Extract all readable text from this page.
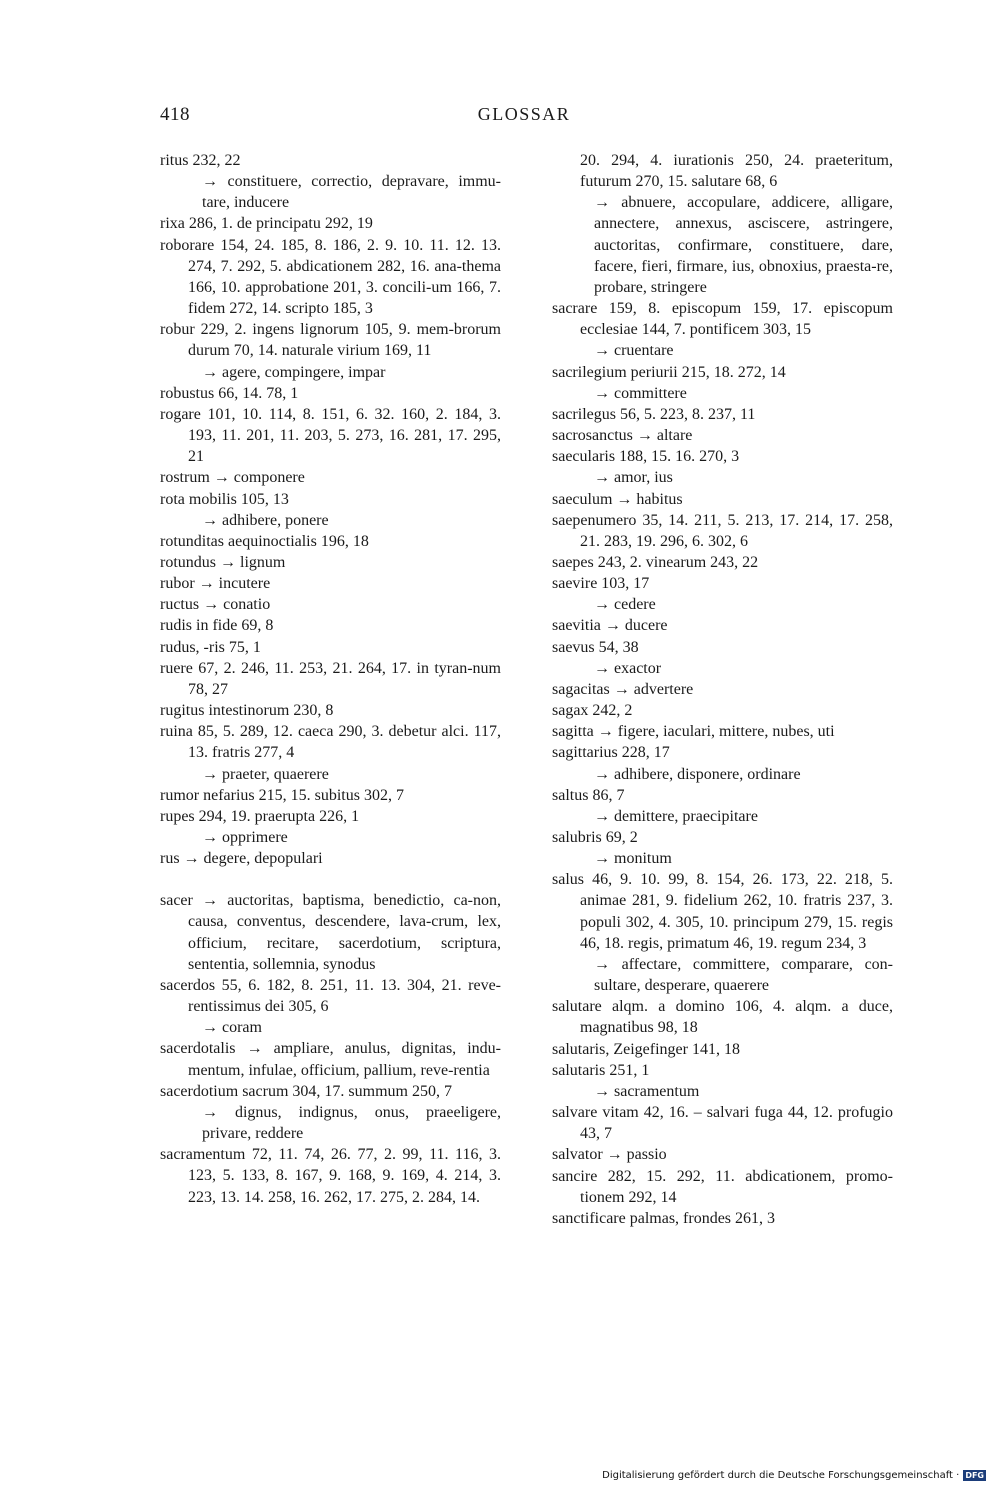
418	GLOSSAR
ritus 232, 22
→ constituere, correctio, depravare, immu-tare, inducere
rixa 286, 1. de principatu 292, 19
roborare 154, 24. 185, 8. 186, 2. 9. 10. 11. 12. 13. 274, 7. 292, 5. abdicationem 282, 16. ana-thema 166, 10. approbatione 201, 3. concili-um 166, 7. fidem 272, 14. scripto 185, 3
robur 229, 2. ingens lignorum 105, 9. mem-brorum durum 70, 14. naturale virium 169, 11
→ agere, compingere, impar
robustus 66, 14. 78, 1
rogare 101, 10. 114, 8. 151, 6. 32. 160, 2. 184, 3. 193, 11. 201, 11. 203, 5. 273, 16. 281, 17. 295, 21
rostrum → componere
rota mobilis 105, 13
→ adhibere, ponere
rotunditas aequinoctialis 196, 18
rotundus → lignum
rubor → incutere
ructus → conatio
rudis in fide 69, 8
rudus, -ris 75, 1
ruere 67, 2. 246, 11. 253, 21. 264, 17. in tyran-num 78, 27
rugitus intestinorum 230, 8
ruina 85, 5. 289, 12. caeca 290, 3. debetur alci. 117, 13. fratris 277, 4
→ praeter, quaerere
rumor nefarius 215, 15. subitus 302, 7
rupes 294, 19. praerupta 226, 1
→ opprimere
rus → degere, depopulari
sacer → auctoritas, baptisma, benedictio, ca-non, causa, conventus, descendere, lava-crum, lex, officium, recitare, sacerdotium, scriptura, sententia, sollemnia, synodus
sacerdos 55, 6. 182, 8. 251, 11. 13. 304, 21. reve-rentissimus dei 305, 6
→ coram
sacerdotalis → ampliare, anulus, dignitas, indu-mentum, infulae, officium, pallium, reve-rentia
sacerdotium sacrum 304, 17. summum 250, 7
→ dignus, indignus, onus, praeeligere, privare, reddere
sacramentum 72, 11. 74, 26. 77, 2. 99, 11. 116, 3. 123, 5. 133, 8. 167, 9. 168, 9. 169, 4. 214, 3. 223, 13. 14. 258, 16. 262, 17. 275, 2. 284, 14.
20. 294, 4. iurationis 250, 24. praeteritum, futurum 270, 15. salutare 68, 6
→ abnuere, accopulare, addicere, alligare, annectere, annexus, asciscere, astringere, auctoritas, confirmare, constituere, dare, facere, fieri, firmare, ius, obnoxius, praesta-re, probare, stringere
sacrare 159, 8. episcopum 159, 17. episcopum ecclesiae 144, 7. pontificem 303, 15
→ cruentare
sacrilegium periurii 215, 18. 272, 14
→ committere
sacrilegus 56, 5. 223, 8. 237, 11
sacrosanctus → altare
saecularis 188, 15. 16. 270, 3
→ amor, ius
saeculum → habitus
saepenumero 35, 14. 211, 5. 213, 17. 214, 17. 258, 21. 283, 19. 296, 6. 302, 6
saepes 243, 2. vinearum 243, 22
saevire 103, 17
→ cedere
saevitia → ducere
saevus 54, 38
→ exactor
sagacitas → advertere
sagax 242, 2
sagitta → figere, iaculari, mittere, nubes, uti
sagittarius 228, 17
→ adhibere, disponere, ordinare
saltus 86, 7
→ demittere, praecipitare
salubris 69, 2
→ monitum
salus 46, 9. 10. 99, 8. 154, 26. 173, 22. 218, 5. animae 281, 9. fidelium 262, 10. fratris 237, 3. populi 302, 4. 305, 10. principum 279, 15. regis 46, 18. regis, primatum 46, 19. regum 234, 3
→ affectare, committere, comparare, con-sultare, desperare, quaerere
salutare alqm. a domino 106, 4. alqm. a duce, magnatibus 98, 18
salutaris, Zeigefinger 141, 18
salutaris 251, 1
→ sacramentum
salvare vitam 42, 16. – salvari fuga 44, 12. profugio 43, 7
salvator → passio
sancire 282, 15. 292, 11. abdicationem, promo-tionem 292, 14
sanctificare palmas, frondes 261, 3
Digitalisierung gefördert durch die Deutsche Forschungsgemeinschaft · DFG
